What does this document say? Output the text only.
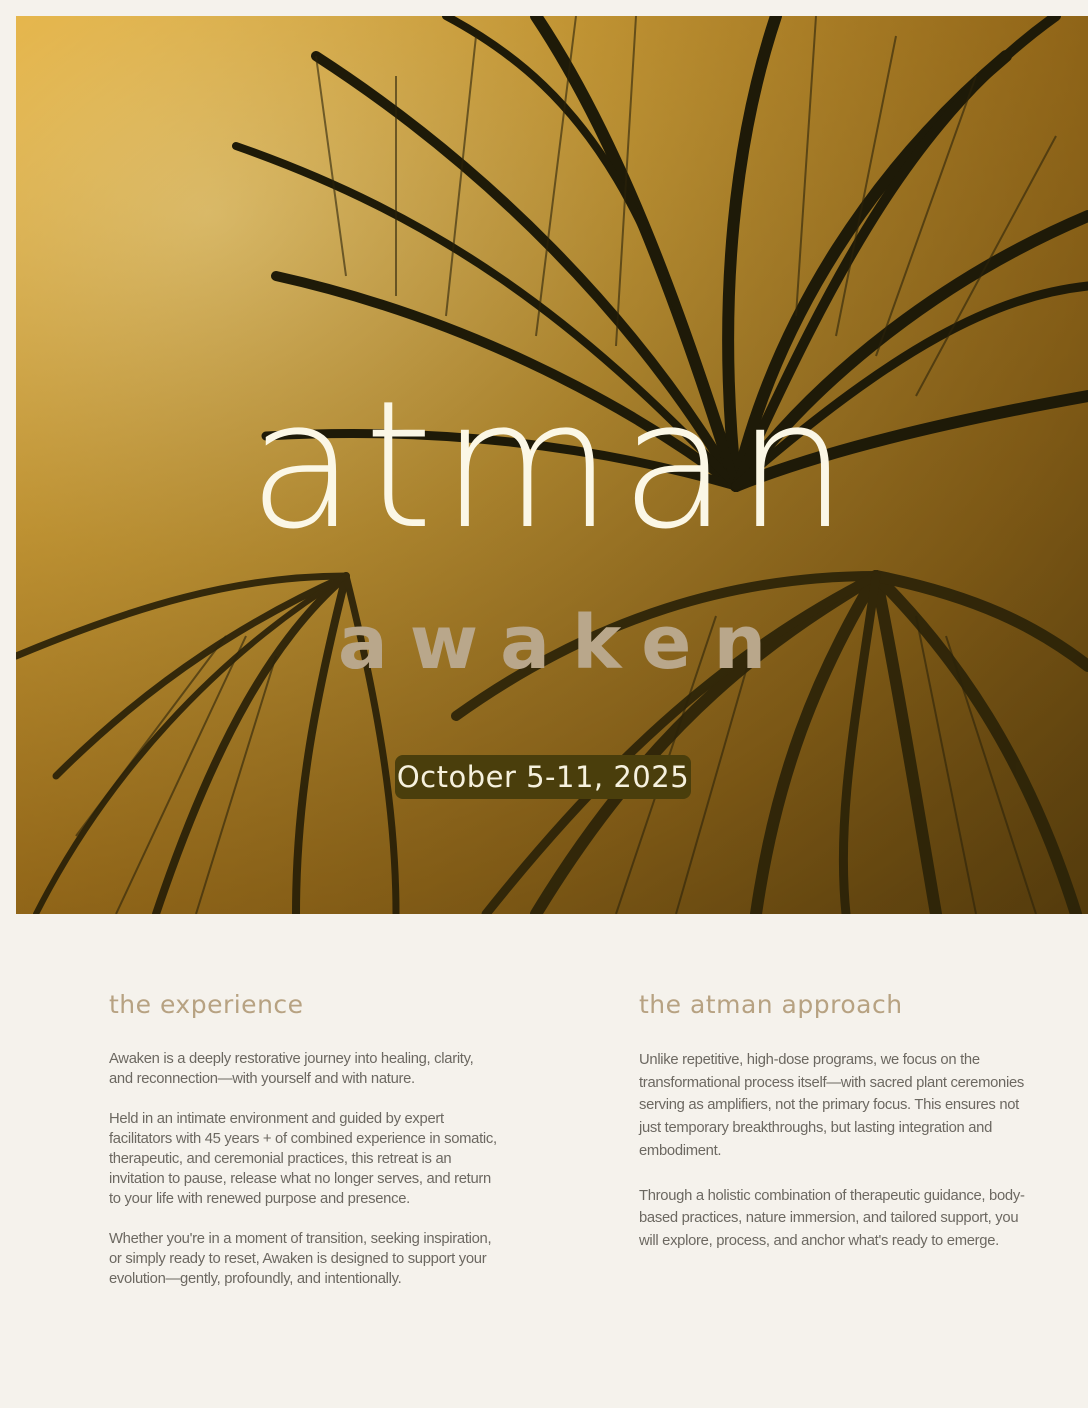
atman
awaken
October 5-11, 2025
the experience

Awaken is a deeply restorative journey into healing, clarity, and reconnection—with yourself and with nature.

Held in an intimate environment and guided by expert facilitators with 45 years + of combined experience in somatic, therapeutic, and ceremonial practices, this retreat is an invitation to pause, release what no longer serves, and return to your life with renewed purpose and presence.

Whether you're in a moment of transition, seeking inspiration, or simply ready to reset, Awaken is designed to support your evolution—gently, profoundly, and intentionally.

the atman approach

Unlike repetitive, high-dose programs, we focus on the transformational process itself—with sacred plant ceremonies serving as amplifiers, not the primary focus. This ensures not just temporary breakthroughs, but lasting integration and embodiment.

Through a holistic combination of therapeutic guidance, body-based practices, nature immersion, and tailored support, you will explore, process, and anchor what's ready to emerge.
